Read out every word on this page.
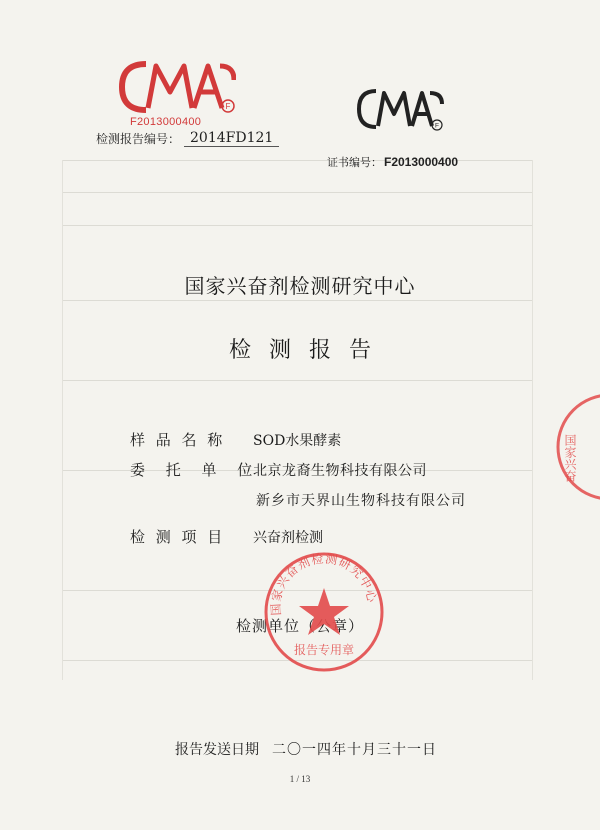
F
F2013000400
检测报告编号： 2014FD121
F
证书编号： F2013000400
国家兴奋剂检测研究中心
检测报告
样 品 名 称 SOD水果酵素
委 托 单 位
北京龙裔生物科技有限公司
新乡市天界山生物科技有限公司
检 测 项 目 兴奋剂检测
检测单位（公章）
国家兴奋剂检测研究中心
报告专用章
国家兴奋
报告发送日期 二〇一四年十月三十一日
1 / 13
